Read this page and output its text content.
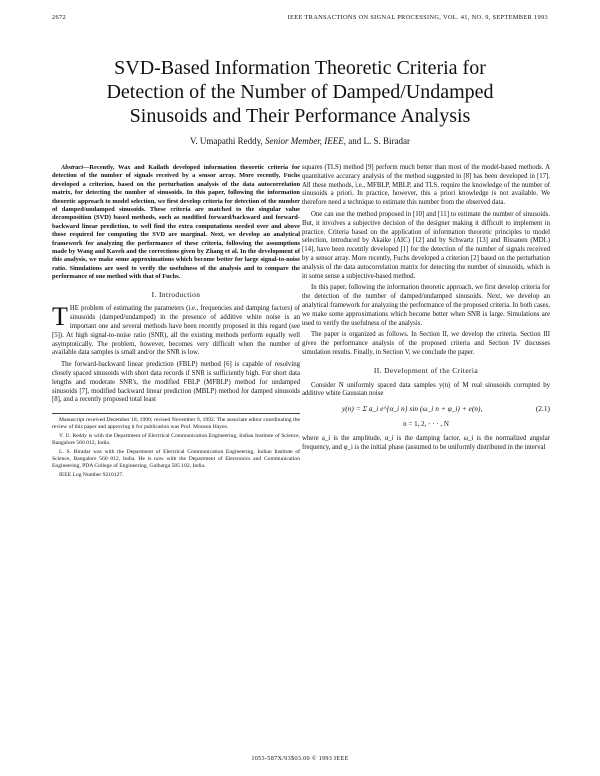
2672	IEEE TRANSACTIONS ON SIGNAL PROCESSING, VOL. 41, NO. 9, SEPTEMBER 1993
SVD-Based Information Theoretic Criteria for
Detection of the Number of Damped/Undamped
Sinusoids and Their Performance Analysis
V. Umapathi Reddy, Senior Member, IEEE, and L. S. Biradar

Abstract—Recently, Wax and Kailath developed information theoretic criteria for detection of the number of signals received by a sensor array. More recently, Fuchs developed a criterion, based on the perturbation analysis of the data autocorrelation matrix, for detecting the number of sinusoids. In this paper, following the information theoretic approach to model selection, we first develop criteria for detection of the number of damped/undamped sinusoids. These criteria are matched to the singular value decomposition (SVD) based methods, such as modified forward/backward and forward-backward linear prediction, to well find the extra computations needed over and above those required for computing the SVD are marginal. Next, we develop an analytical framework for analyzing the performance of these criteria, following the assumptions made by Wang and Kaveh and the corrections given by Zhang et al. In the development of this analysis, we make some approximations which become better for large signal-to-noise ratio. Simulations are used to verify the usefulness of the analysis and to compare the performance of one method with that of Fuchs.

I. Introduction

THE problem of estimating the parameters (i.e., frequencies and damping factors) of sinusoids (damped/undamped) in the presence of additive white noise is an important one and several methods have been recently proposed in this regard (see [5]). At high signal-to-noise ratio (SNR), all the existing methods perform equally well asymptotically. The problem, however, becomes very difficult when the number of available data samples is small and/or the SNR is low.

The forward-backward linear prediction (FBLP) method [6] is capable of resolving closely spaced sinusoids with short data records if SNR is sufficiently high. For short data lengths and moderate SNR's, the modified FBLP (MFBLP) method for undamped sinusoids [7], modified backward linear prediction (MBLP) method for damped sinusoids [8], and a recently proposed total least

Manuscript received December 18, 1990; revised November 9, 1992. The associate editor coordinating the review of this paper and approving it for publication was Prof. Monson Hayes.

V. U. Reddy is with the Department of Electrical Communication Engineering, Indian Institute of Science, Bangalore 560 012, India.

L. S. Biradar was with the Department of Electrical Communication Engineering, Indian Institute of Science, Bangalore 560 012, India. He is now with the Department of Electronics and Communication Engineering, PDA College of Engineering, Gulbarga 585 102, India.

IEEE Log Number 9210127.

squares (TLS) method [9] perform much better than most of the model-based methods. A quantitative accuracy analysis of the method suggested in [8] has been developed in [17]. All these methods, i.e., MFBLP, MBLP, and TLS, require the knowledge of the number of sinusoids a priori. In practice, however, this a priori knowledge is not available. We therefore need a technique to estimate this number from the observed data.

One can use the method proposed in [10] and [11] to estimate the number of sinusoids. But, it involves a subjective decision of the designer making it difficult to implement in practice. Criteria based on the application of information theoretic principles to model selection, introduced by Akaike (AIC) [12] and by Schwartz [13] and Rissanen (MDL) [14], have been recently developed [1] for the detection of the number of signals received by a sensor array. More recently, Fuchs developed a criterion [2] based on the perturbation analysis of the data autocorrelation matrix for detecting the number of sinusoids, which is in some sense a subjective-based method.

In this paper, following the information theoretic approach, we first develop criteria for the detection of the number of damped/undamped sinusoids. Next, we develop an analytical framework for analyzing the performance of the proposed criteria. In both cases, we make some approximations which become better when SNR is large. Simulations are used to verify the usefulness of the analysis.

The paper is organized as follows. In Section II, we develop the criteria. Section III gives the performance analysis of the proposed criteria and Section IV discusses simulation results. Finally, in Section V, we conclude the paper.

II. Development of the Criteria

Consider N uniformly spaced data samples y(n) of M real sinusoids corrupted by additive white Gaussian noise

y(n) = Σ a_i e^{α_i n} sin (ω_i n + φ_i) + e(n),	(2.1)
n = 1, 2, · · · , N

where a_i is the amplitude, α_i is the damping factor, ω_i is the normalized angular frequency, and φ_i is the initial phase (assumed to be uniformly distributed in the interval

1053-587X/93$03.00 © 1993 IEEE
